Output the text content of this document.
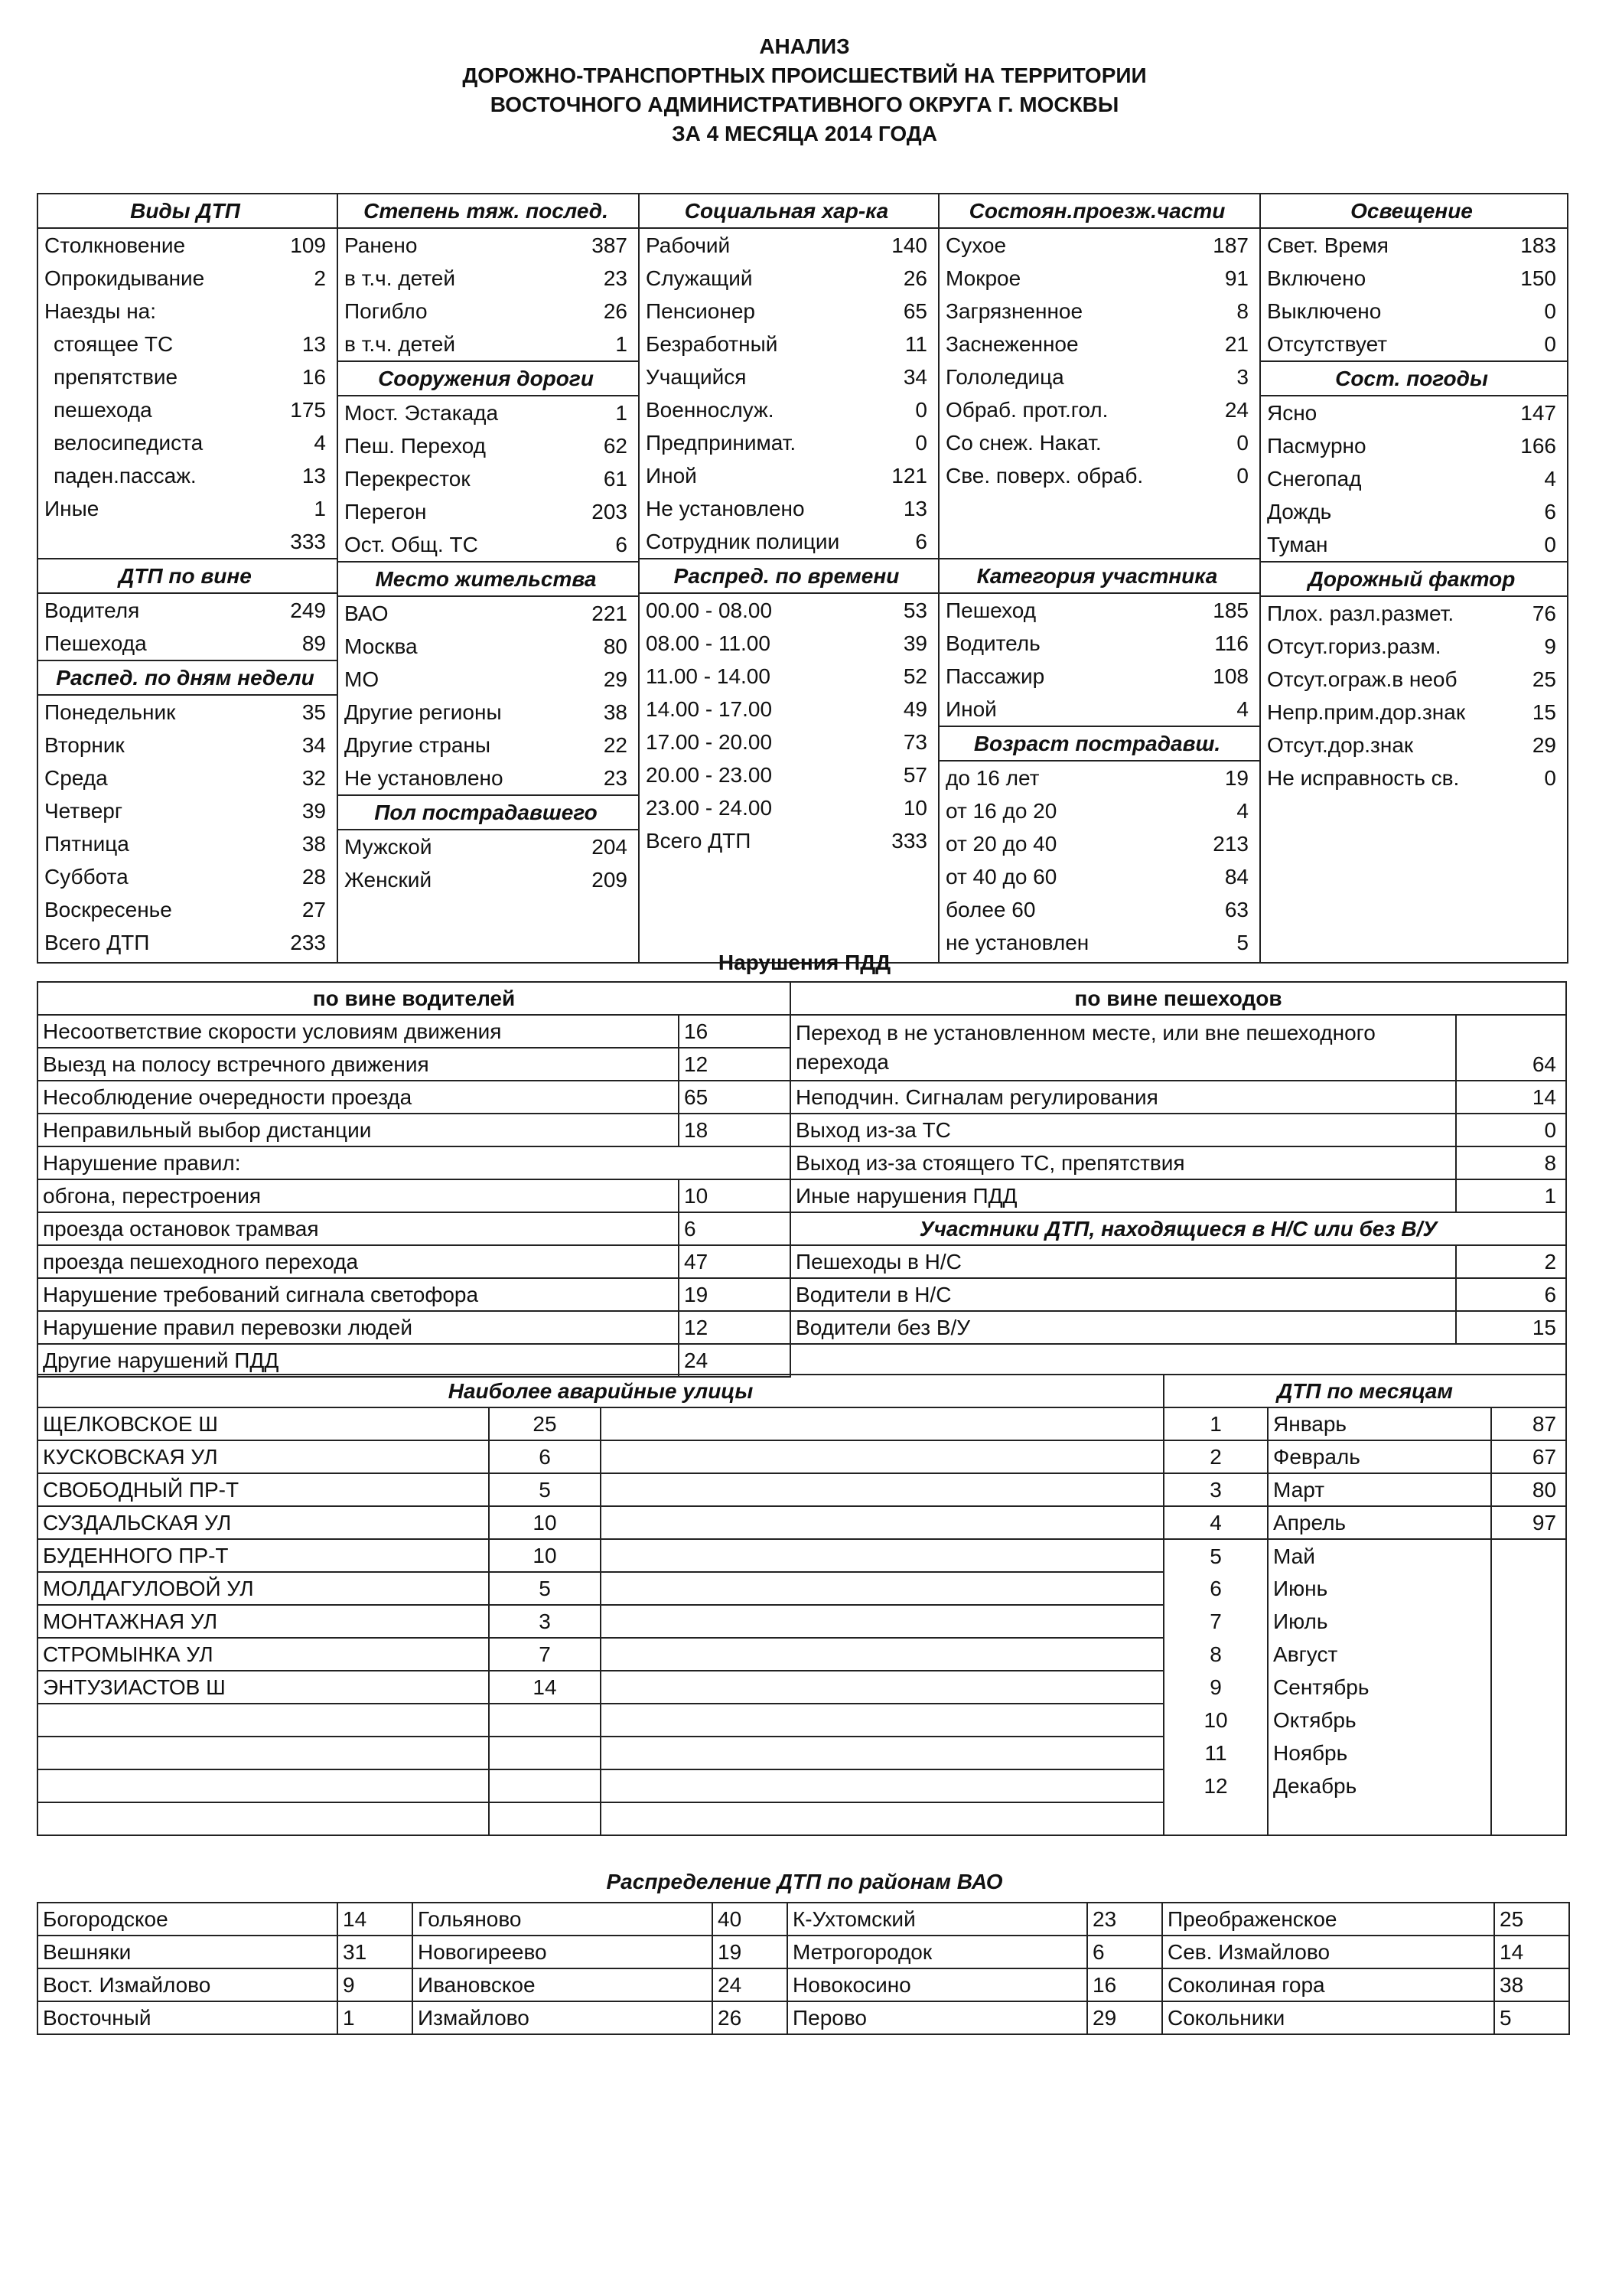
АНАЛИЗ
ДОРОЖНО-ТРАНСПОРТНЫХ ПРОИСШЕСТВИЙ НА ТЕРРИТОРИИ
ВОСТОЧНОГО АДМИНИСТРАТИВНОГО ОКРУГА Г. МОСКВЫ
ЗА 4 МЕСЯЦА 2014 ГОДА
Виды ДТП
Столкновение	109
Опрокидывание	2
Наезды на:
стоящее ТС	13
препятствие	16
пешехода	175
велосипедиста	4
паден.пассаж.	13
Иные	1
333
ДТП по вине
Водителя	249
Пешехода	89
Распед. по дням недели
Понедельник	35
Вторник	34
Среда	32
Четверг	39
Пятница	38
Суббота	28
Воскресенье	27
Всего ДТП	233
Степень тяж. послед.
Ранено	387
в т.ч. детей	23
Погибло	26
в т.ч. детей	1
Сооружения дороги
Мост. Эстакада	1
Пеш. Переход	62
Перекресток	61
Перегон	203
Ост. Общ. ТС	6
Место жительства
ВАО	221
Москва	80
МО	29
Другие регионы	38
Другие страны	22
Не установлено	23
Пол пострадавшего
Мужской	204
Женский	209
Социальная хар-ка
Рабочий	140
Служащий	26
Пенсионер	65
Безработный	11
Учащийся	34
Военнослуж.	0
Предпринимат.	0
Иной	121
Не установлено	13
Сотрудник полиции	6
Распред. по времени
00.00 - 08.00	53
08.00 - 11.00	39
11.00 - 14.00	52
14.00 - 17.00	49
17.00 - 20.00	73
20.00 - 23.00	57
23.00 - 24.00	10
Всего ДТП	333
Состоян.проезж.части
Сухое	187
Мокрое	91
Загрязненное	8
Заснеженное	21
Гололедица	3
Обраб. прот.гол.	24
Со снеж. Накат.	0
Све. поверх. обраб.	0
Категория участника
Пешеход	185
Водитель	116
Пассажир	108
Иной	4
Возраст пострадавш.
до 16 лет	19
от 16 до 20	4
от 20 до 40	213
от 40 до 60	84
более 60	63
не установлен	5
Освещение
Свет. Время	183
Включено	150
Выключено	0
Отсутствует	0
Сост. погоды
Ясно	147
Пасмурно	166
Снегопад	4
Дождь	6
Туман	0
Дорожный фактор
Плох. разл.размет.	76
Отсут.гориз.разм.	9
Отсут.ограж.в необ	25
Непр.прим.дор.знак	15
Отсут.дор.знак	29
Не исправность св.	0
Нарушения ПДД
по вине водителей		по вине пешеходов	
Несоответствие скорости условиям движения	16	Переход в не установленном месте, или вне пешеходного
перехода	64
Выезд на полосу встречного движения	12		
Несоблюдение очередности проезда	65	Неподчин. Сигналам регулирования	14
Неправильный выбор дистанции	18	Выход из-за ТС	0
Нарушение правил:		Выход из-за стоящего ТС, препятствия	8
обгона, перестроения	10	Иные нарушения ПДД	1
проезда остановок трамвая	6	Участники ДТП, находящиеся в Н/С или без В/У	
проезда пешеходного перехода	47	Пешеходы в Н/С	2
Нарушение требований сигнала светофора	19	Водители в Н/С	6
Нарушение правил перевозки людей	12	Водители без В/У	15
Другие нарушений ПДД	24		
Наиболее аварийные улицы			ДТП по месяцам		
ЩЕЛКОВСКОЕ Ш	25		1	Январь	87
КУСКОВСКАЯ УЛ	6		2	Февраль	67
СВОБОДНЫЙ ПР-Т	5		3	Март	80
СУЗДАЛЬСКАЯ УЛ	10		4	Апрель	97
БУДЕННОГО ПР-Т	10		5	Май	
МОЛДАГУЛОВОЙ УЛ	5		6	Июнь	
МОНТАЖНАЯ УЛ	3		7	Июль	
СТРОМЫНКА УЛ	7		8	Август	
ЭНТУЗИАСТОВ Ш	14		9	Сентябрь	
			10	Октябрь	
			11	Ноябрь	
			12	Декабрь	

Распределение ДТП по районам ВАО
Богородское	14	Гольяново	40	К-Ухтомский	23	Преображенское	25
Вешняки	31	Новогиреево	19	Метрогородок	6	Сев. Измайлово	14
Вост. Измайлово	9	Ивановское	24	Новокосино	16	Соколиная гора	38
Восточный	1	Измайлово	26	Перово	29	Сокольники	5
